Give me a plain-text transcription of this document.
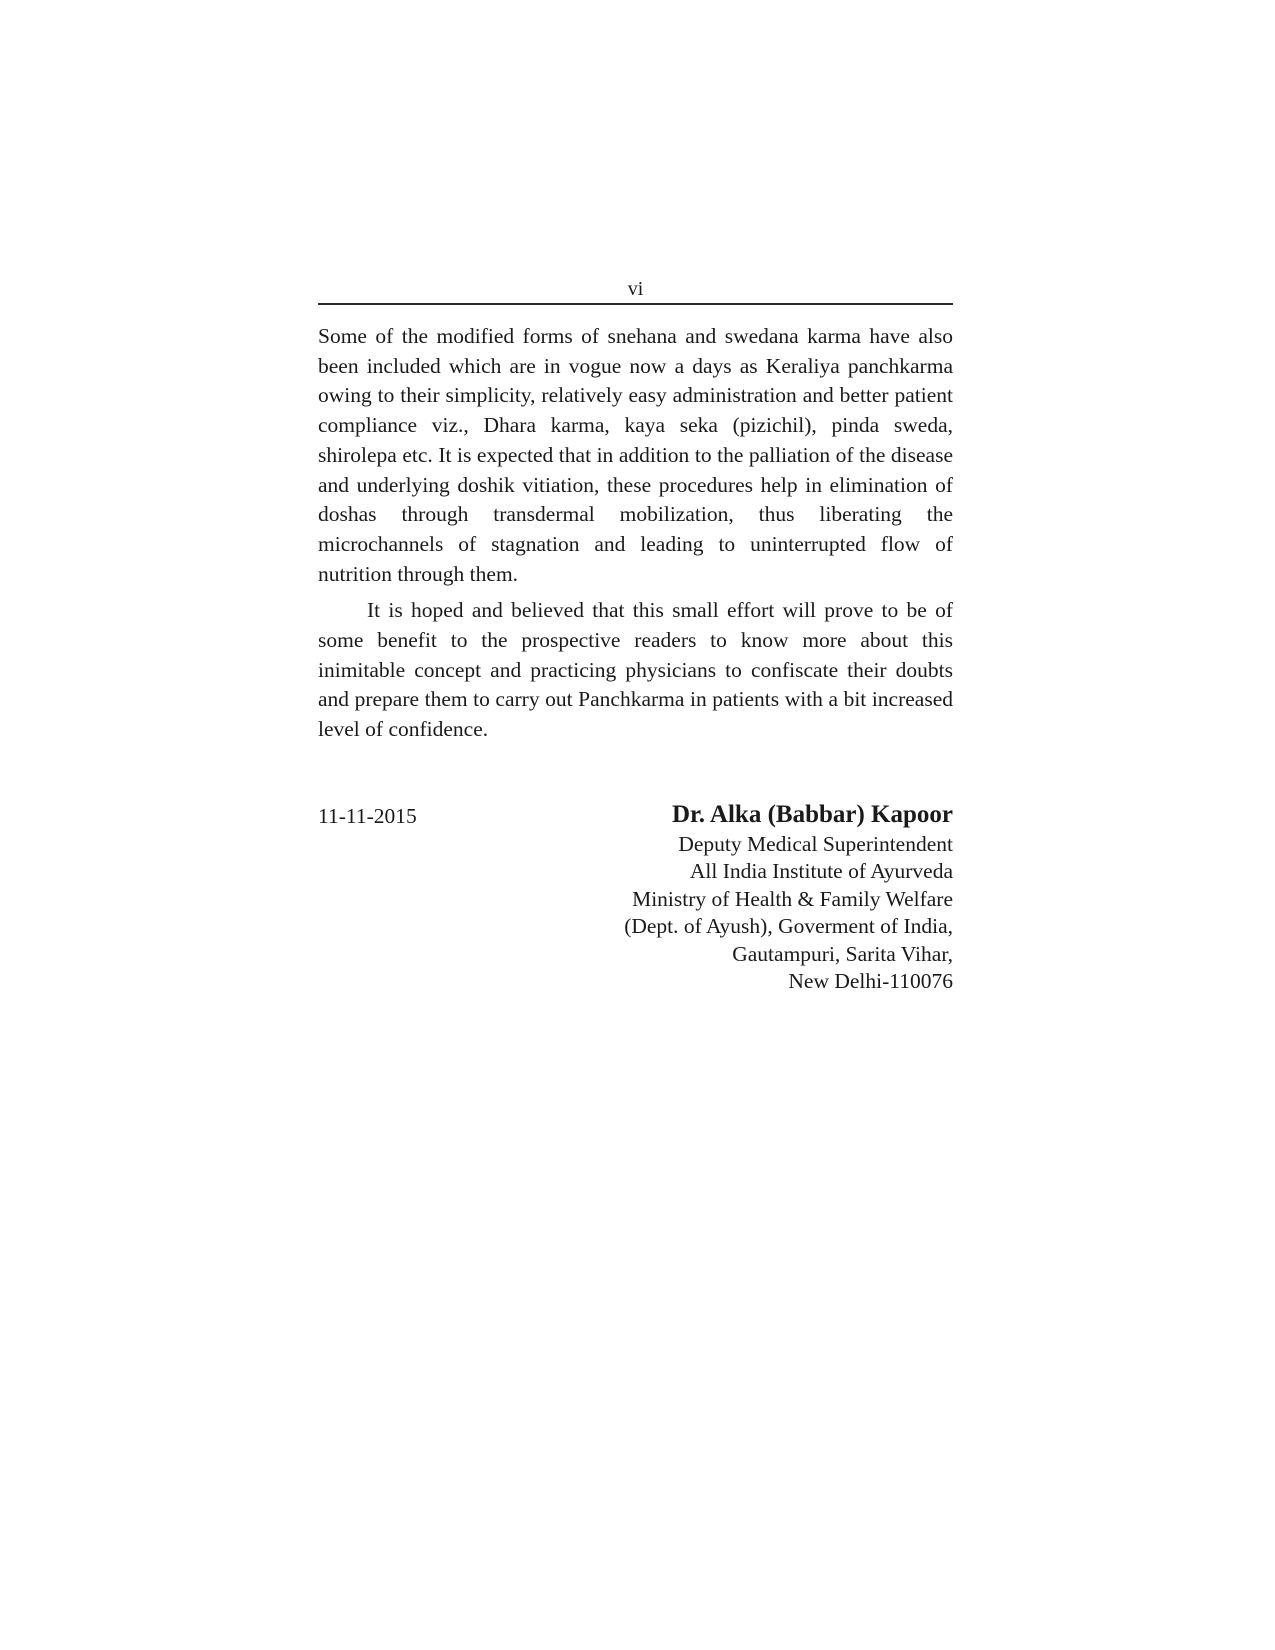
vi

Some of the modified forms of snehana and swedana karma have also been included which are in vogue now a days as Keraliya panchkarma owing to their simplicity, relatively easy administration and better patient compliance viz., Dhara karma, kaya seka (pizichil), pinda sweda, shirolepa etc. It is expected that in addition to the palliation of the disease and underlying doshik vitiation, these procedures help in elimination of doshas through transdermal mobilization, thus liberating the microchannels of stagnation and leading to uninterrupted flow of nutrition through them.

It is hoped and believed that this small effort will prove to be of some benefit to the prospective readers to know more about this inimitable concept and practicing physicians to confiscate their doubts and prepare them to carry out Panchkarma in patients with a bit increased level of confidence.

11-11-2015	Dr. Alka (Babbar) Kapoor
Deputy Medical Superintendent
All India Institute of Ayurveda
Ministry of Health & Family Welfare
(Dept. of Ayush), Goverment of India,
Gautampuri, Sarita Vihar,
New Delhi-110076
